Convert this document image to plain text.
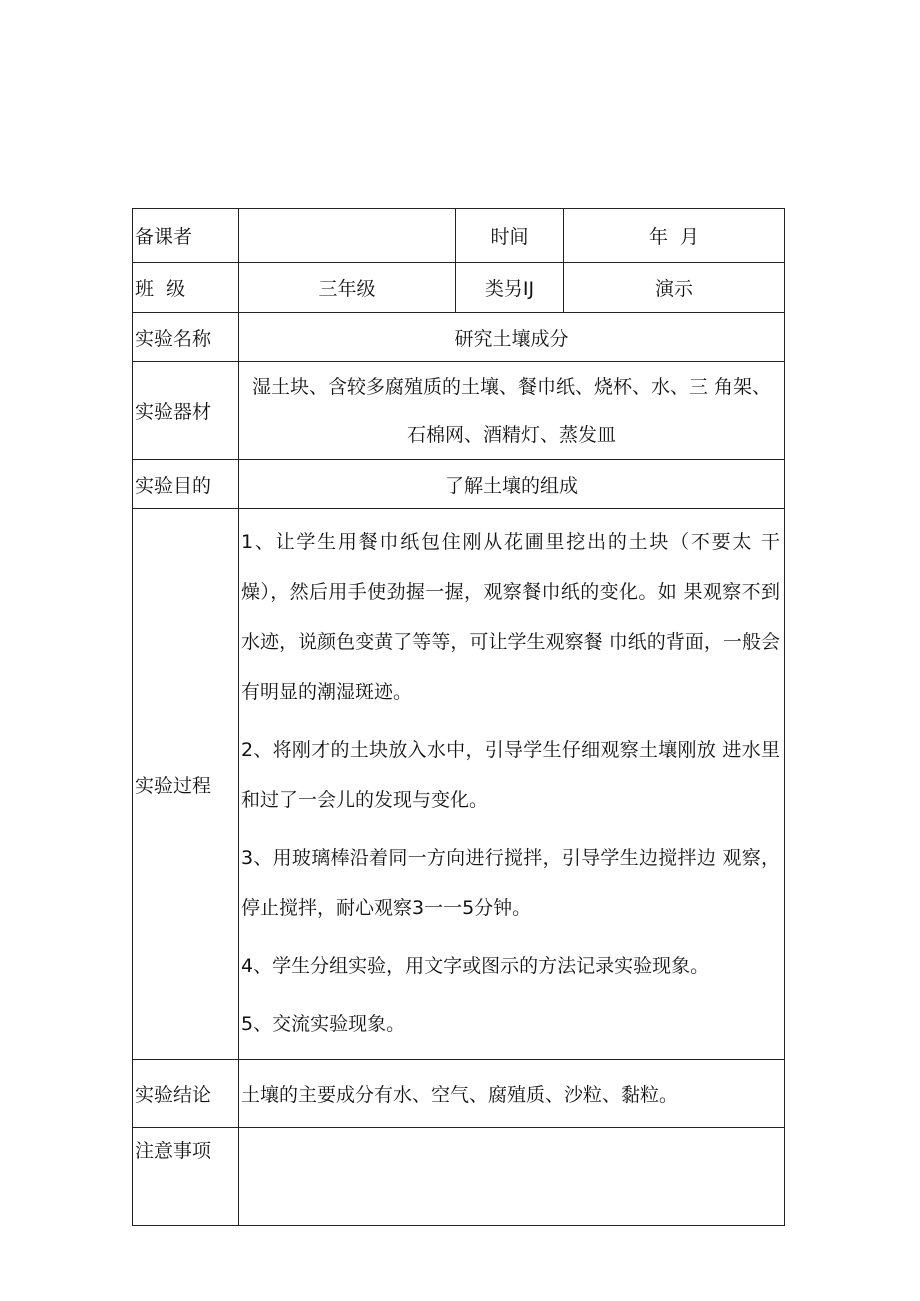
备课者		时间	年  月
班  级	三年级	类另IJ	演示
实验名称	研究土壤成分		
实验器材	湿土块、含较多腐殖质的土壤、餐巾纸、烧杯、水、三 角架、石棉网、酒精灯、蒸发皿		

实验目的	了解土壤的组成		
实验过程	1、让学生用餐巾纸包住刚从花圃里挖出的土块（不要太 干燥），然后用手使劲握一握，观察餐巾纸的变化。如 果观察不到水迹，说颜色变黄了等等，可让学生观察餐 巾纸的背面，一般会有明显的潮湿斑迹。
2、将刚才的土块放入水中，引导学生仔细观察土壤刚放 进水里和过了一会儿的发现与变化。
3、用玻璃棒沿着同一方向进行搅拌，引导学生边搅拌边 观察，停止搅拌，耐心观察3一一5分钟。
4、学生分组实验，用文字或图示的方法记录实验现象。
5、交流实验现象。		

实验结论	土壤的主要成分有水、空气、腐殖质、沙粒、黏粒。		
注意事项			
